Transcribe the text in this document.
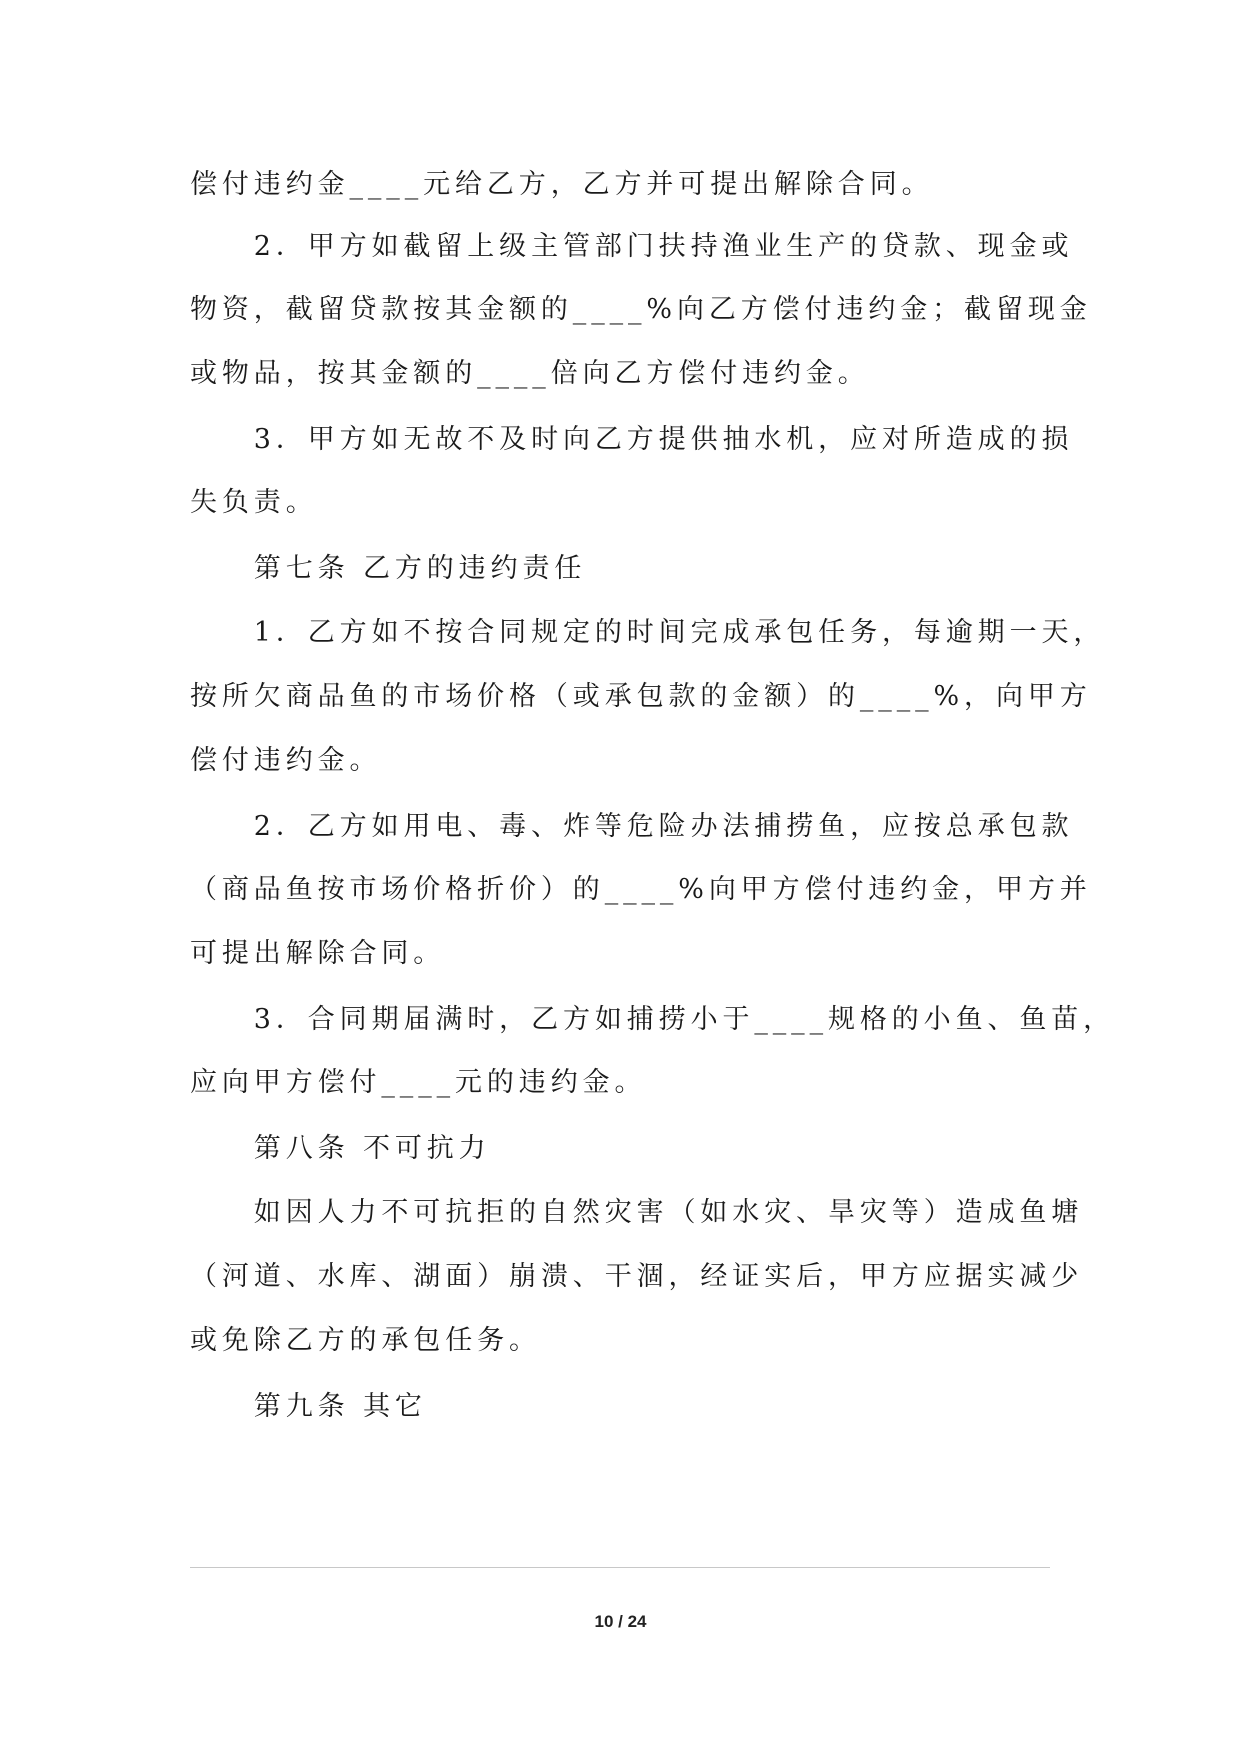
偿付违约金____元给乙方，乙方并可提出解除合同。
　　2．甲方如截留上级主管部门扶持渔业生产的贷款、现金或
物资，截留贷款按其金额的____%向乙方偿付违约金；截留现金
或物品，按其金额的____倍向乙方偿付违约金。
　　3．甲方如无故不及时向乙方提供抽水机，应对所造成的损
失负责。
　　第七条 乙方的违约责任
　　1．乙方如不按合同规定的时间完成承包任务，每逾期一天，
按所欠商品鱼的市场价格（或承包款的金额）的____%，向甲方
偿付违约金。
　　2．乙方如用电、毒、炸等危险办法捕捞鱼，应按总承包款
（商品鱼按市场价格折价）的____%向甲方偿付违约金，甲方并
可提出解除合同。
　　3．合同期届满时，乙方如捕捞小于____规格的小鱼、鱼苗，
应向甲方偿付____元的违约金。
　　第八条 不可抗力
　　如因人力不可抗拒的自然灾害（如水灾、旱灾等）造成鱼塘
（河道、水库、湖面）崩溃、干涸，经证实后，甲方应据实减少
或免除乙方的承包任务。
　　第九条 其它
10 / 24
